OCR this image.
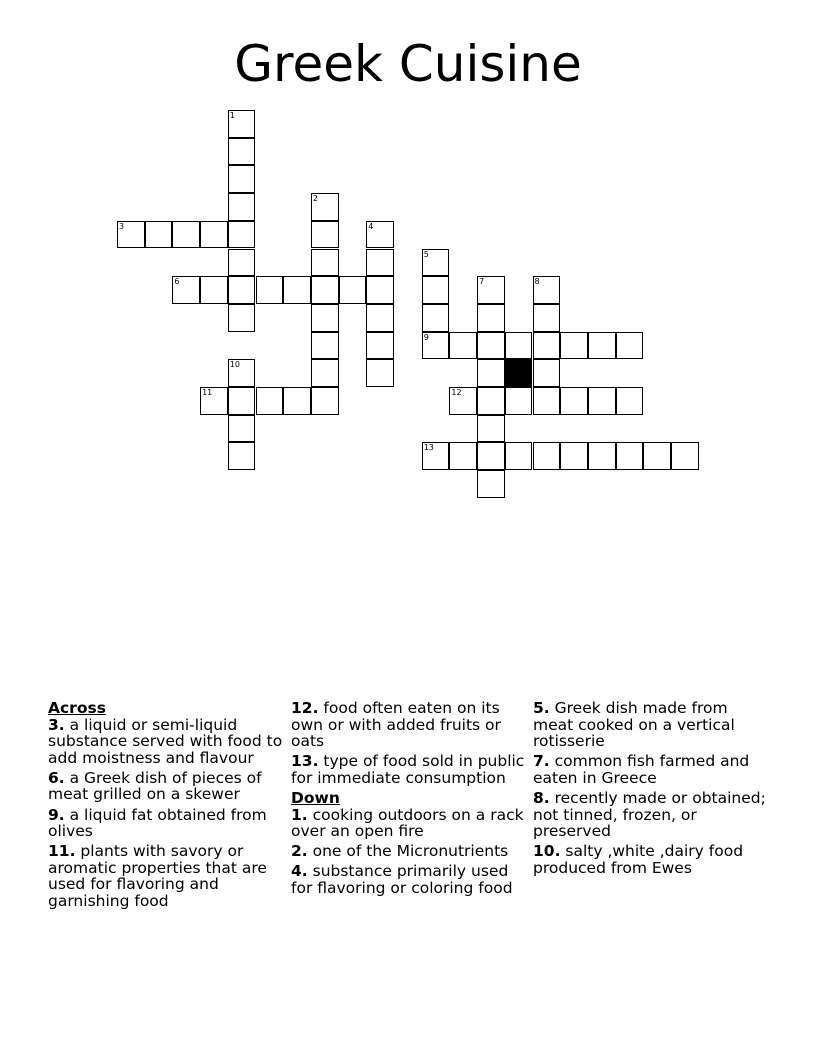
Greek Cuisine
1
2
3	4
5
9
6	7	8
10
11	12
13
Across
3. a liquid or semi-liquid substance served with food to add moistness and flavour
6. a Greek dish of pieces of meat grilled on a skewer
9. a liquid fat obtained from olives
11. plants with savory or aromatic properties that are used for flavoring and garnishing food
12. food often eaten on its own or with added fruits or oats
13. type of food sold in public for immediate consumption
Down
1. cooking outdoors on a rack over an open fire
2. one of the Micronutrients
4. substance primarily used for flavoring or coloring food
5. Greek dish made from meat cooked on a vertical rotisserie
7. common fish farmed and eaten in Greece
8. recently made or obtained; not tinned, frozen, or preserved
10. salty ,white ,dairy food produced from Ewes
